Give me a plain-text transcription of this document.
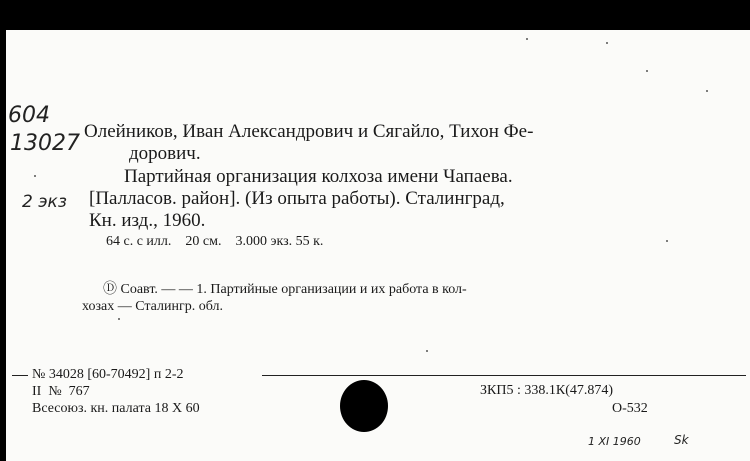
604
13027
2 экз
Олейников, Иван Александрович и Сягайло, Тихон Фе-
дорович.
Партийная организация колхоза имени Чапаева.
[Палласов. район]. (Из опыта работы). Сталинград,
Кн. изд., 1960.
64 с. с илл.    20 см.    3.000 экз. 55 к.
Ⓓ Соавт. — — 1. Партийные организации и их работа в кол-
хозах — Сталингр. обл.
№ 34028 [60-70492] п 2-2
II  №  767
Всесоюз. кн. палата 18 X 60
ЗКП5 : 338.1К(47.874)
О-532
1 XI 1960	Sk
